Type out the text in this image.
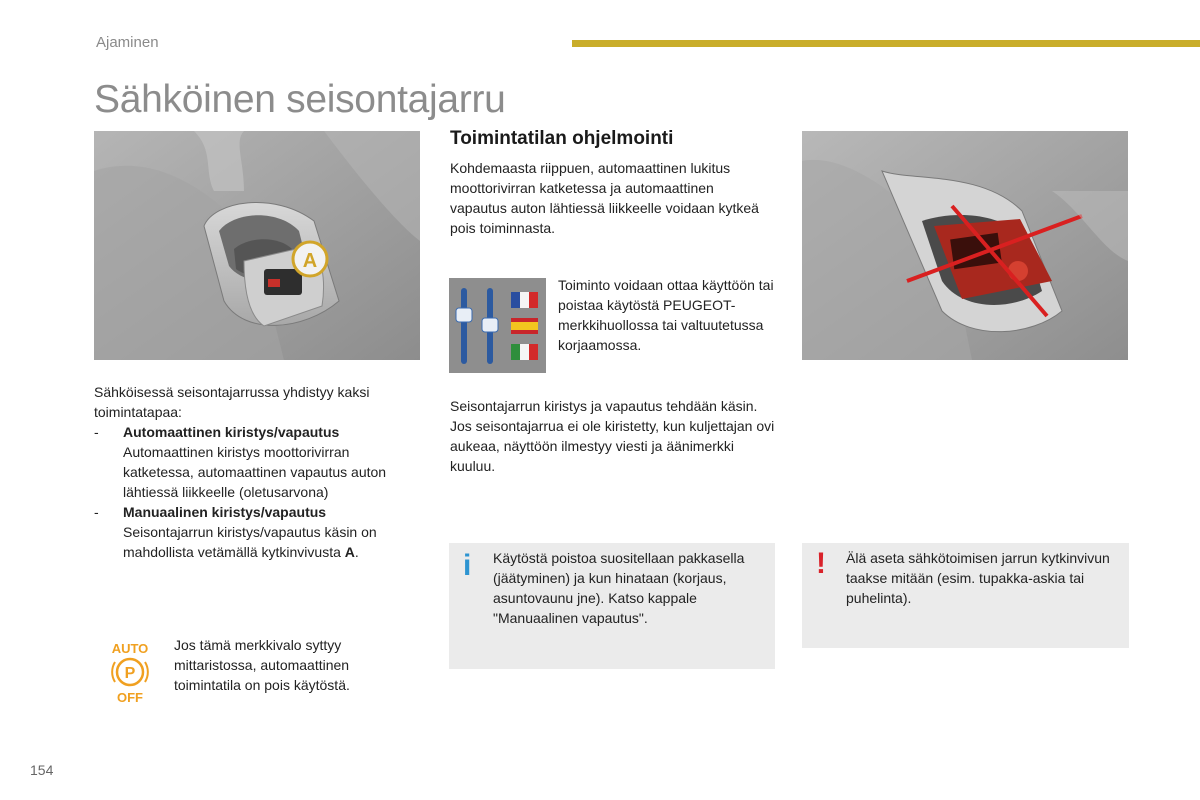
Ajaminen
Sähköinen seisontajarru
A
Toimintatilan ohjelmointi

Kohdemaasta riippuen, automaattinen lukitus moottorivirran katketessa ja automaattinen vapautus auton lähtiessä liikkeelle voidaan kytkeä pois toiminnasta.

Toiminto voidaan ottaa käyttöön tai poistaa käytöstä PEUGEOT-merkkihuollossa tai valtuutetussa korjaamossa.

Seisontajarrun kiristys ja vapautus tehdään käsin. Jos seisontajarrua ei ole kiristetty, kun kuljettajan ovi aukeaa, näyttöön ilmestyy viesti ja äänimerkki kuuluu.

Sähköisessä seisontajarrussa yhdistyy kaksi toimintatapaa:

-	Automaattinen kiristys/vapautus
Automaattinen kiristys moottorivirran katketessa, automaattinen vapautus auton lähtiessä liikkeelle (oletusarvona)
-	Manuaalinen kiristys/vapautus
Seisontajarrun kiristys/vapautus käsin on mahdollista vetämällä kytkinvivusta A.
AUTO
P
OFF

Jos tämä merkkivalo syttyy mittaristossa, automaattinen toimintatila on pois käytöstä.

i Käytöstä poistoa suositellaan pakkasella (jäätyminen) ja kun hinataan (korjaus, asuntovaunu jne). Katso kappale "Manuaalinen vapautus".

! Älä aseta sähkötoimisen jarrun kytkinvivun taakse mitään (esim. tupakka-askia tai puhelinta).

154
